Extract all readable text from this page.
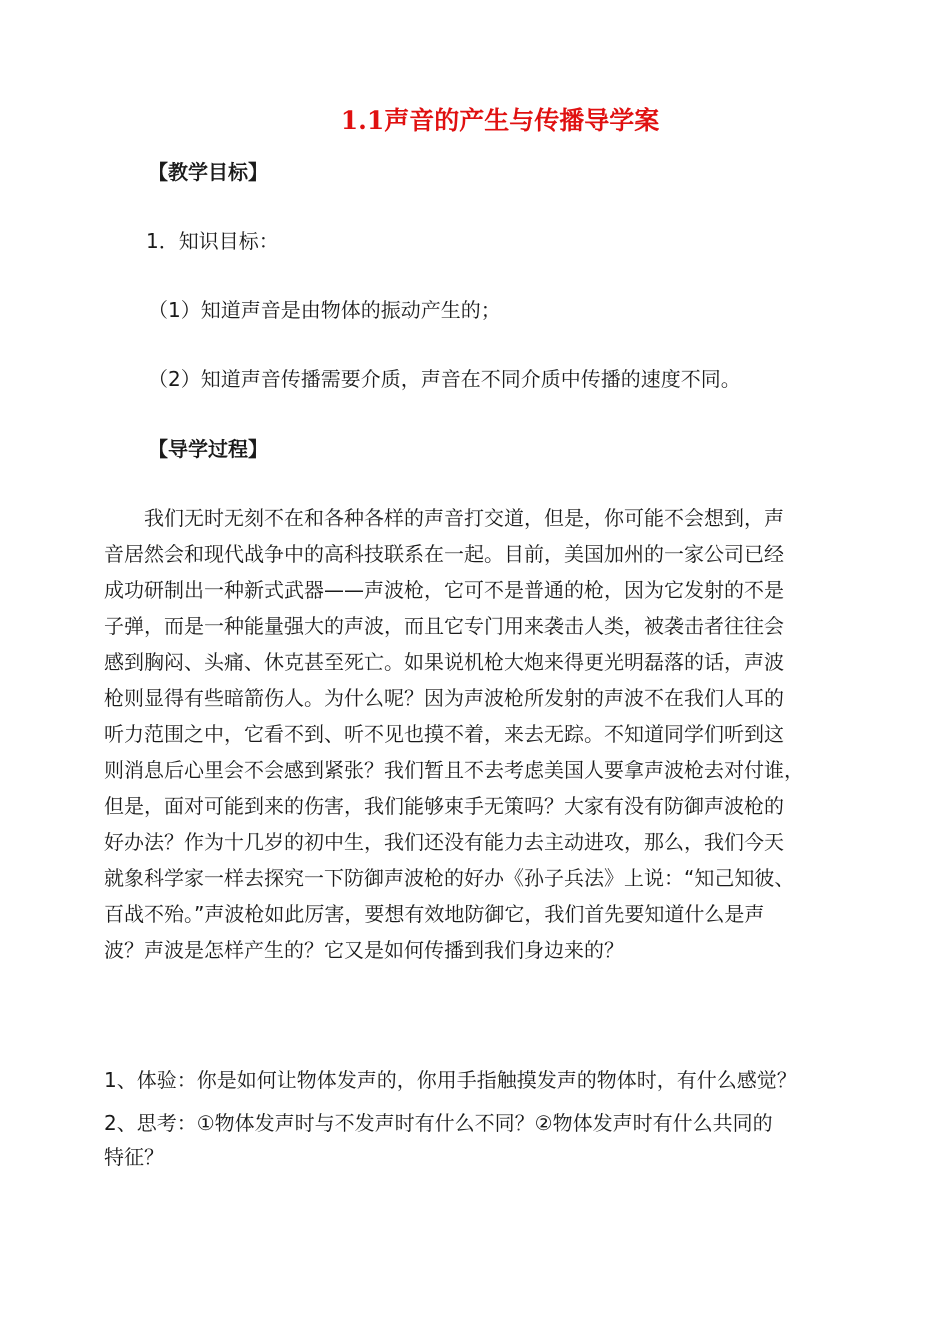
1.1声音的产生与传播导学案

【教学目标】

1．知识目标：

（1）知道声音是由物体的振动产生的；

（2）知道声音传播需要介质，声音在不同介质中传播的速度不同。

【导学过程】

　　我们无时无刻不在和各种各样的声音打交道，但是，你可能不会想到，声
音居然会和现代战争中的高科技联系在一起。目前，美国加州的一家公司已经
成功研制出一种新式武器——声波枪，它可不是普通的枪，因为它发射的不是
子弹，而是一种能量强大的声波，而且它专门用来袭击人类，被袭击者往往会
感到胸闷、头痛、休克甚至死亡。如果说机枪大炮来得更光明磊落的话，声波
枪则显得有些暗箭伤人。为什么呢？因为声波枪所发射的声波不在我们人耳的
听力范围之中，它看不到、听不见也摸不着，来去无踪。不知道同学们听到这
则消息后心里会不会感到紧张？我们暂且不去考虑美国人要拿声波枪去对付谁，
但是，面对可能到来的伤害，我们能够束手无策吗？大家有没有防御声波枪的
好办法？作为十几岁的初中生，我们还没有能力去主动进攻，那么，我们今天
就象科学家一样去探究一下防御声波枪的好办《孙子兵法》上说：“知己知彼、
百战不殆。”声波枪如此厉害，要想有效地防御它，我们首先要知道什么是声
波？声波是怎样产生的？它又是如何传播到我们身边来的？
1、体验：你是如何让物体发声的，你用手指触摸发声的物体时，有什么感觉？
2、思考：①物体发声时与不发声时有什么不同？②物体发声时有什么共同的
特征？
